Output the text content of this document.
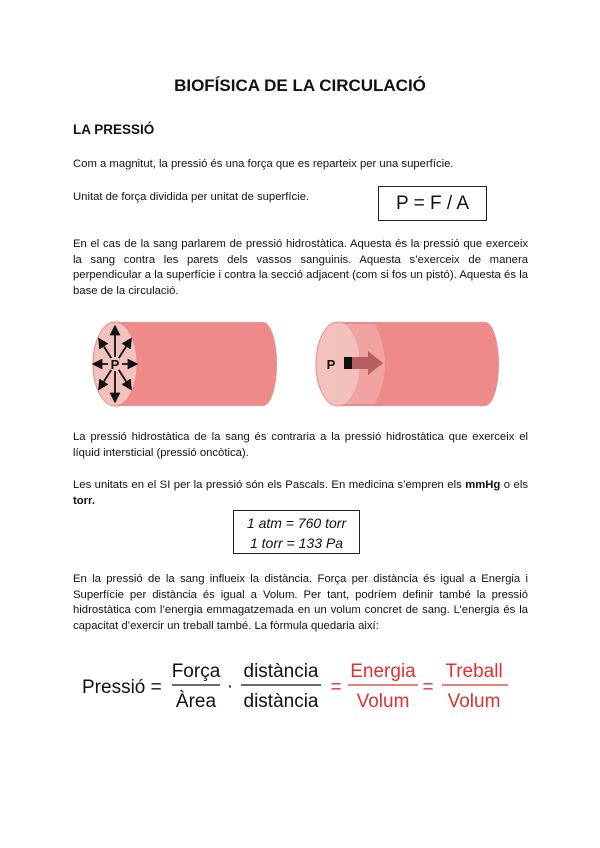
BIOFÍSICA DE LA CIRCULACIÓ
LA PRESSIÓ
Com a magnitut, la pressió és una força que es reparteix per una superfície.
Unitat de força dividida per unitat de superfície.	P = F / A
En el cas de la sang parlarem de pressió hidrostàtica. Aquesta és la pressió que exerceix la sang contra les parets dels vassos sanguinis. Aquesta s’exerceix de manera perpendicular a la superfície i contra la secció adjacent (com si fos un pistó). Aquesta és la base de la circulació.
P	P
La pressió hidrostàtica de la sang és contraria a la pressió hidrostàtica que exerceix el líquid intersticial (pressió oncòtica).
Les unitats en el SI per la pressió són els Pascals. En medicina s’empren els mmHg o els torr.
1 atm = 760 torr
1 torr = 133 Pa
En la pressió de la sang influeix la distància. Força per distància és igual a Energia i Superfície per distància és igual a Volum. Per tant, podríem definir també la pressió hidrostàtica com l’energia emmagatzemada en un volum concret de sang. L’energia és la capacitat d’exercir un treball també. La fòrmula quedaria així:
Pressió =
Força
Àrea
·
distància
distància
=
Energia
Volum
=
Treball
Volum
